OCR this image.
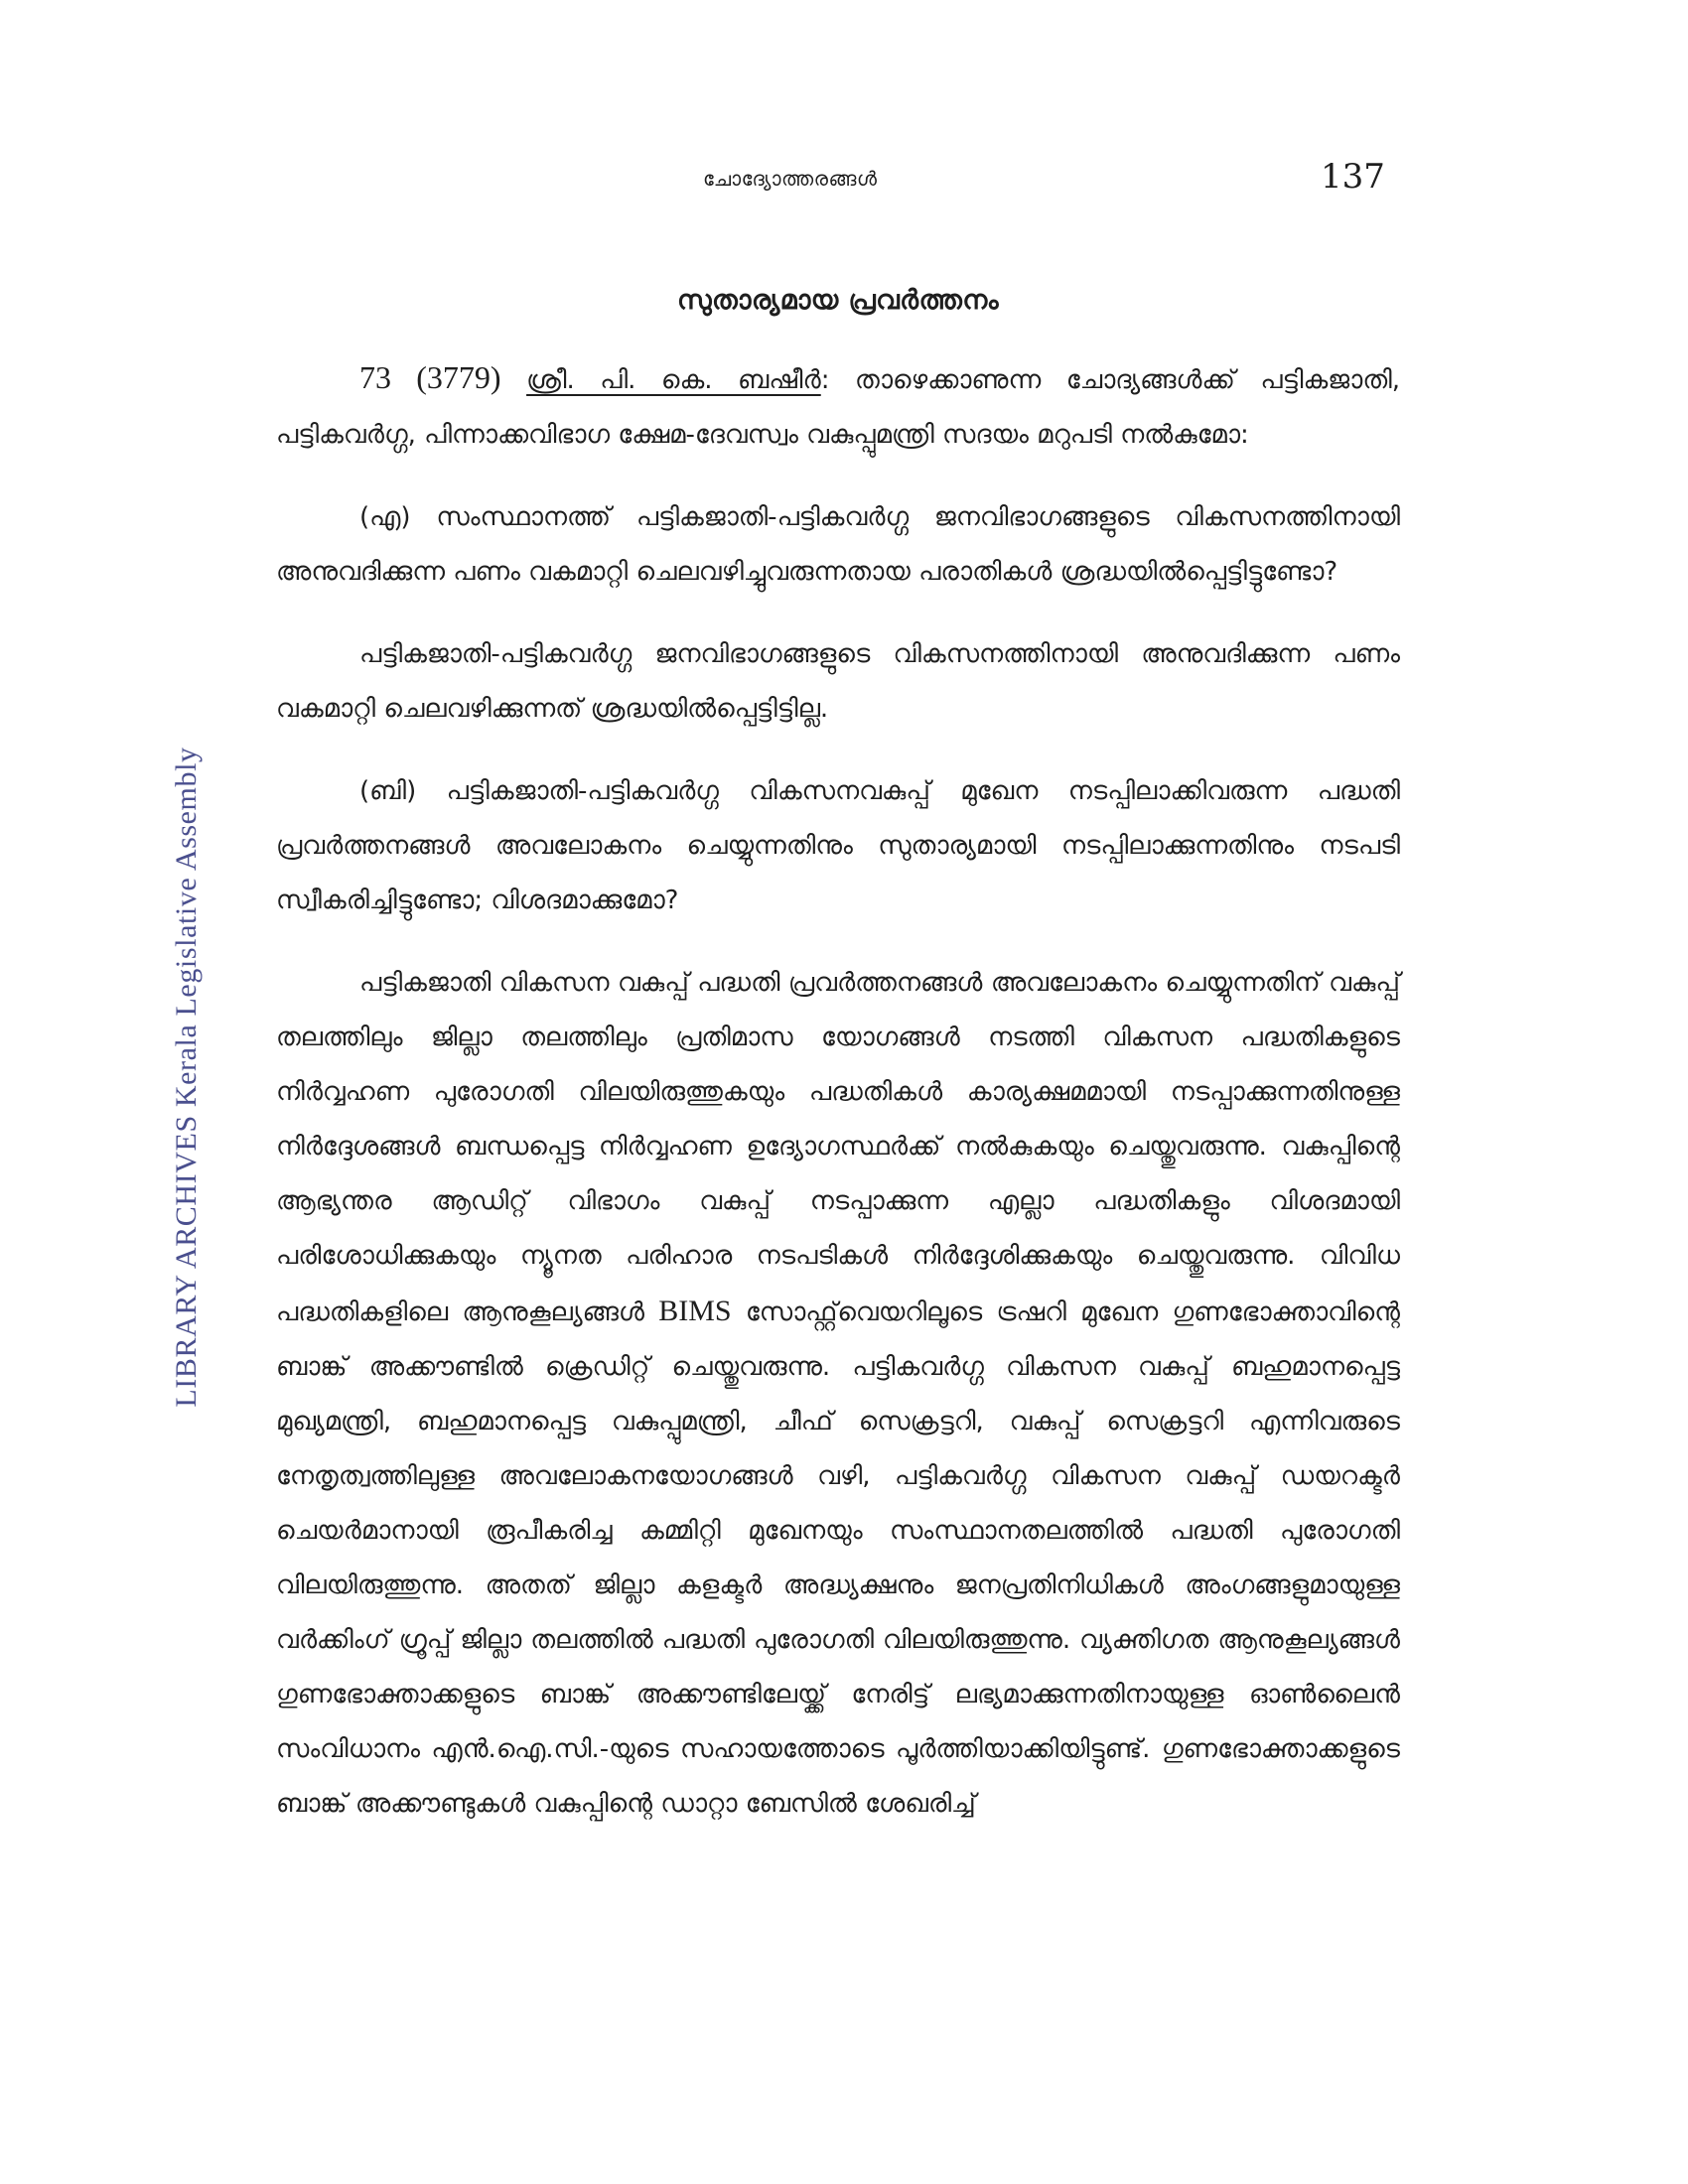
ചോദ്യോത്തരങ്ങൾ	137
LIBRARY ARCHIVES Kerala Legislative Assembly
സുതാര്യമായ പ്രവർത്തനം

73 (3779) ശ്രീ. പി. കെ. ബഷീർ: താഴെക്കാണുന്ന ചോദ്യങ്ങൾക്ക് പട്ടികജാതി, പട്ടികവർഗ്ഗ, പിന്നാക്കവിഭാഗ ക്ഷേമ-ദേവസ്വം വകുപ്പുമന്ത്രി സദയം മറുപടി നൽകുമോ:

(എ) സംസ്ഥാനത്ത് പട്ടികജാതി-പട്ടികവർഗ്ഗ ജനവിഭാഗങ്ങളുടെ വികസനത്തിനായി അനുവദിക്കുന്ന പണം വകമാറ്റി ചെലവഴിച്ചുവരുന്നതായ പരാതികൾ ശ്രദ്ധയിൽപ്പെട്ടിട്ടുണ്ടോ?

പട്ടികജാതി-പട്ടികവർഗ്ഗ ജനവിഭാഗങ്ങളുടെ വികസനത്തിനായി അനുവദിക്കുന്ന പണം വകമാറ്റി ചെലവഴിക്കുന്നത് ശ്രദ്ധയിൽപ്പെട്ടിട്ടില്ല.

(ബി) പട്ടികജാതി-പട്ടികവർഗ്ഗ വികസനവകുപ്പ് മുഖേന നടപ്പിലാക്കിവരുന്ന പദ്ധതി പ്രവർത്തനങ്ങൾ അവലോകനം ചെയ്യുന്നതിനും സുതാര്യമായി നടപ്പിലാക്കുന്നതിനും നടപടി സ്വീകരിച്ചിട്ടുണ്ടോ; വിശദമാക്കുമോ?

പട്ടികജാതി വികസന വകുപ്പ് പദ്ധതി പ്രവർത്തനങ്ങൾ അവലോകനം ചെയ്യുന്നതിന് വകുപ്പ് തലത്തിലും ജില്ലാ തലത്തിലും പ്രതിമാസ യോഗങ്ങൾ നടത്തി വികസന പദ്ധതികളുടെ നിർവ്വഹണ പുരോഗതി വിലയിരുത്തുകയും പദ്ധതികൾ കാര്യക്ഷമമായി നടപ്പാക്കുന്നതിനുള്ള നിർദ്ദേശങ്ങൾ ബന്ധപ്പെട്ട നിർവ്വഹണ ഉദ്യോഗസ്ഥർക്ക് നൽകുകയും ചെയ്തുവരുന്നു. വകുപ്പിന്റെ ആഭ്യന്തര ആഡിറ്റ് വിഭാഗം വകുപ്പ് നടപ്പാക്കുന്ന എല്ലാ പദ്ധതികളും വിശദമായി പരിശോധിക്കുകയും ന്യൂനത പരിഹാര നടപടികൾ നിർദ്ദേശിക്കുകയും ചെയ്തുവരുന്നു. വിവിധ പദ്ധതികളിലെ ആനുകൂല്യങ്ങൾ BIMS സോഫ്റ്റ്‌വെയറിലൂടെ ട്രഷറി മുഖേന ഗുണഭോക്താവിന്റെ ബാങ്ക് അക്കൗണ്ടിൽ ക്രെഡിറ്റ് ചെയ്തുവരുന്നു. പട്ടികവർഗ്ഗ വികസന വകുപ്പ് ബഹുമാനപ്പെട്ട മുഖ്യമന്ത്രി, ബഹുമാനപ്പെട്ട വകുപ്പുമന്ത്രി, ചീഫ് സെക്രട്ടറി, വകുപ്പ് സെക്രട്ടറി എന്നിവരുടെ നേതൃത്വത്തിലുള്ള അവലോകനയോഗങ്ങൾ വഴി, പട്ടികവർഗ്ഗ വികസന വകുപ്പ് ഡയറക്ടർ ചെയർമാനായി രൂപീകരിച്ച കമ്മിറ്റി മുഖേനയും സംസ്ഥാനതലത്തിൽ പദ്ധതി പുരോഗതി വിലയിരുത്തുന്നു. അതത് ജില്ലാ കളക്ടർ അദ്ധ്യക്ഷനും ജനപ്രതിനിധികൾ അംഗങ്ങളുമായുള്ള വർക്കിംഗ് ഗ്രൂപ്പ് ജില്ലാ തലത്തിൽ പദ്ധതി പുരോഗതി വിലയിരുത്തുന്നു. വ്യക്തിഗത ആനുകൂല്യങ്ങൾ ഗുണഭോക്താക്കളുടെ ബാങ്ക് അക്കൗണ്ടിലേയ്ക്ക് നേരിട്ട് ലഭ്യമാക്കുന്നതിനായുള്ള ഓൺലൈൻ സംവിധാനം എൻ.ഐ.സി.-യുടെ സഹായത്തോടെ പൂർത്തിയാക്കിയിട്ടുണ്ട്. ഗുണഭോക്താക്കളുടെ ബാങ്ക് അക്കൗണ്ടുകൾ വകുപ്പിന്റെ ഡാറ്റാ ബേസിൽ ശേഖരിച്ച്
